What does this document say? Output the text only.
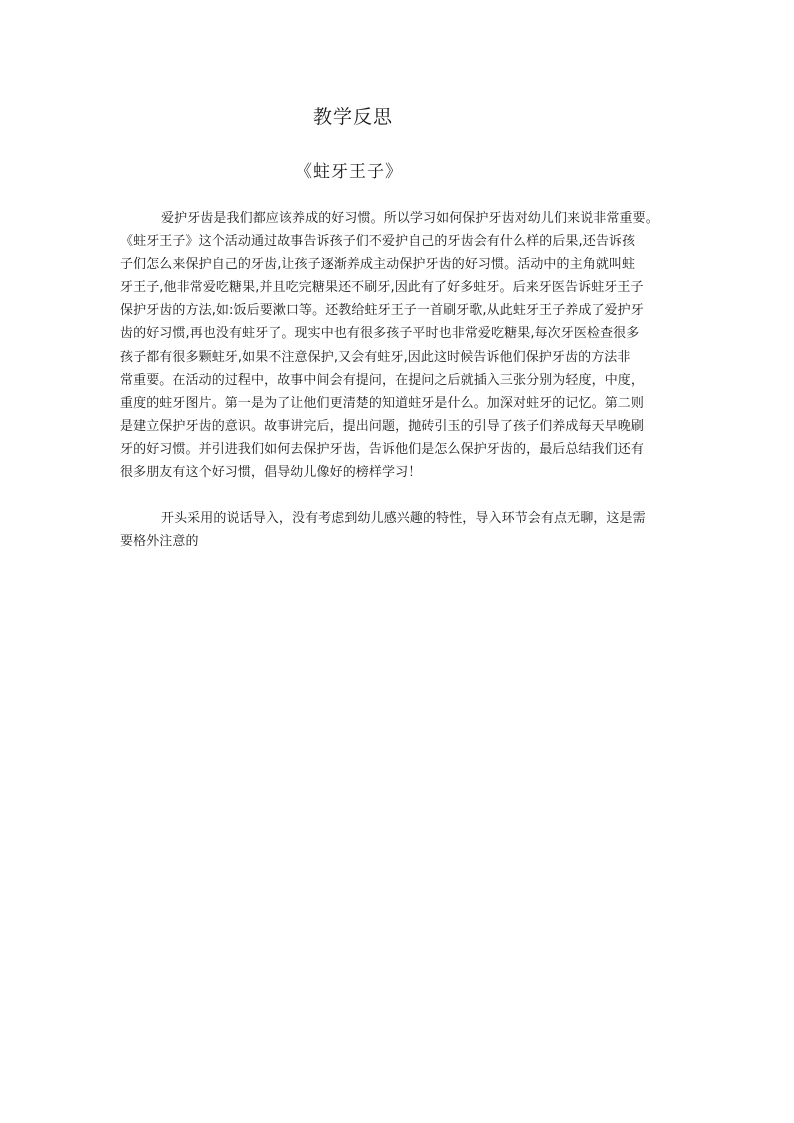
教学反思
《蛀牙王子》
爱护牙齿是我们都应该养成的好习惯。所以学习如何保护牙齿对幼儿们来说非常重要。
《蛀牙王子》这个活动通过故事告诉孩子们不爱护自己的牙齿会有什么样的后果,还告诉孩
子们怎么来保护自己的牙齿,让孩子逐渐养成主动保护牙齿的好习惯。活动中的主角就叫蛀
牙王子,他非常爱吃糖果,并且吃完糖果还不刷牙,因此有了好多蛀牙。后来牙医告诉蛀牙王子
保护牙齿的方法,如:饭后要漱口等。还教给蛀牙王子一首刷牙歌,从此蛀牙王子养成了爱护牙
齿的好习惯,再也没有蛀牙了。现实中也有很多孩子平时也非常爱吃糖果,每次牙医检查很多
孩子都有很多颗蛀牙,如果不注意保护,又会有蛀牙,因此这时候告诉他们保护牙齿的方法非
常重要。在活动的过程中，故事中间会有提问，在提问之后就插入三张分别为轻度，中度，
重度的蛀牙图片。第一是为了让他们更清楚的知道蛀牙是什么。加深对蛀牙的记忆。第二则
是建立保护牙齿的意识。故事讲完后，提出问题，抛砖引玉的引导了孩子们养成每天早晚刷
牙的好习惯。并引进我们如何去保护牙齿，告诉他们是怎么保护牙齿的，最后总结我们还有
很多朋友有这个好习惯，倡导幼儿像好的榜样学习！
开头采用的说话导入，没有考虑到幼儿感兴趣的特性，导入环节会有点无聊，这是需
要格外注意的
